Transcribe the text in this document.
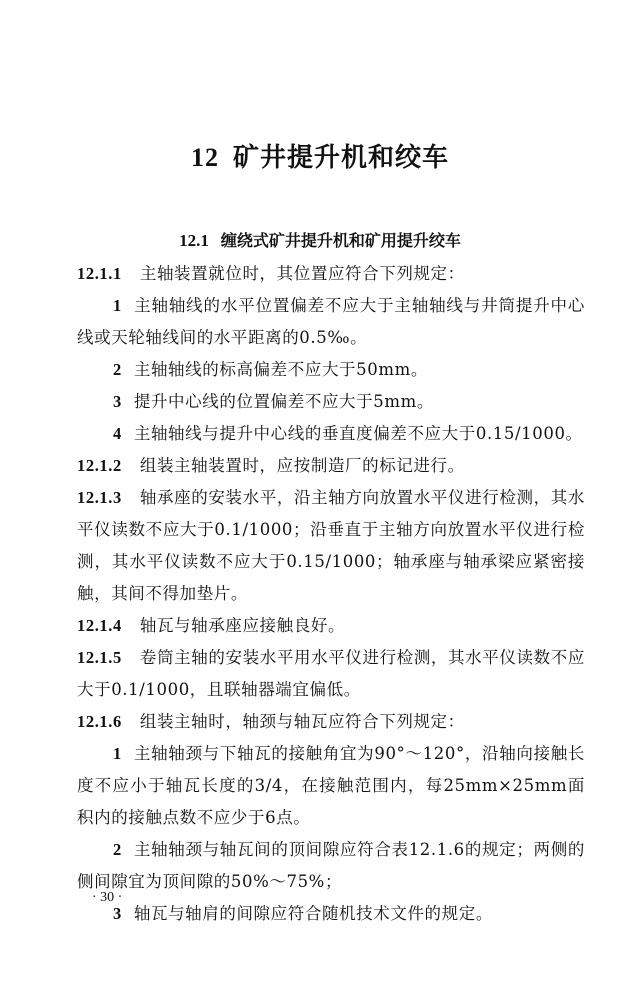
12 矿井提升机和绞车
12.1 缠绕式矿井提升机和矿用提升绞车

12.1.1 主轴装置就位时，其位置应符合下列规定：

1 主轴轴线的水平位置偏差不应大于主轴轴线与井筒提升中心线或天轮轴线间的水平距离的0.5‰。

2 主轴轴线的标高偏差不应大于50mm。

3 提升中心线的位置偏差不应大于5mm。

4 主轴轴线与提升中心线的垂直度偏差不应大于0.15/1000。

12.1.2 组装主轴装置时，应按制造厂的标记进行。

12.1.3 轴承座的安装水平，沿主轴方向放置水平仪进行检测，其水平仪读数不应大于0.1/1000；沿垂直于主轴方向放置水平仪进行检测，其水平仪读数不应大于0.15/1000；轴承座与轴承梁应紧密接触，其间不得加垫片。

12.1.4 轴瓦与轴承座应接触良好。

12.1.5 卷筒主轴的安装水平用水平仪进行检测，其水平仪读数不应大于0.1/1000，且联轴器端宜偏低。

12.1.6 组装主轴时，轴颈与轴瓦应符合下列规定：

1 主轴轴颈与下轴瓦的接触角宜为90°～120°，沿轴向接触长度不应小于轴瓦长度的3/4，在接触范围内，每25mm×25mm面积内的接触点数不应少于6点。

2 主轴轴颈与轴瓦间的顶间隙应符合表12.1.6的规定；两侧的侧间隙宜为顶间隙的50%～75%；

3 轴瓦与轴肩的间隙应符合随机技术文件的规定。

· 30 ·
